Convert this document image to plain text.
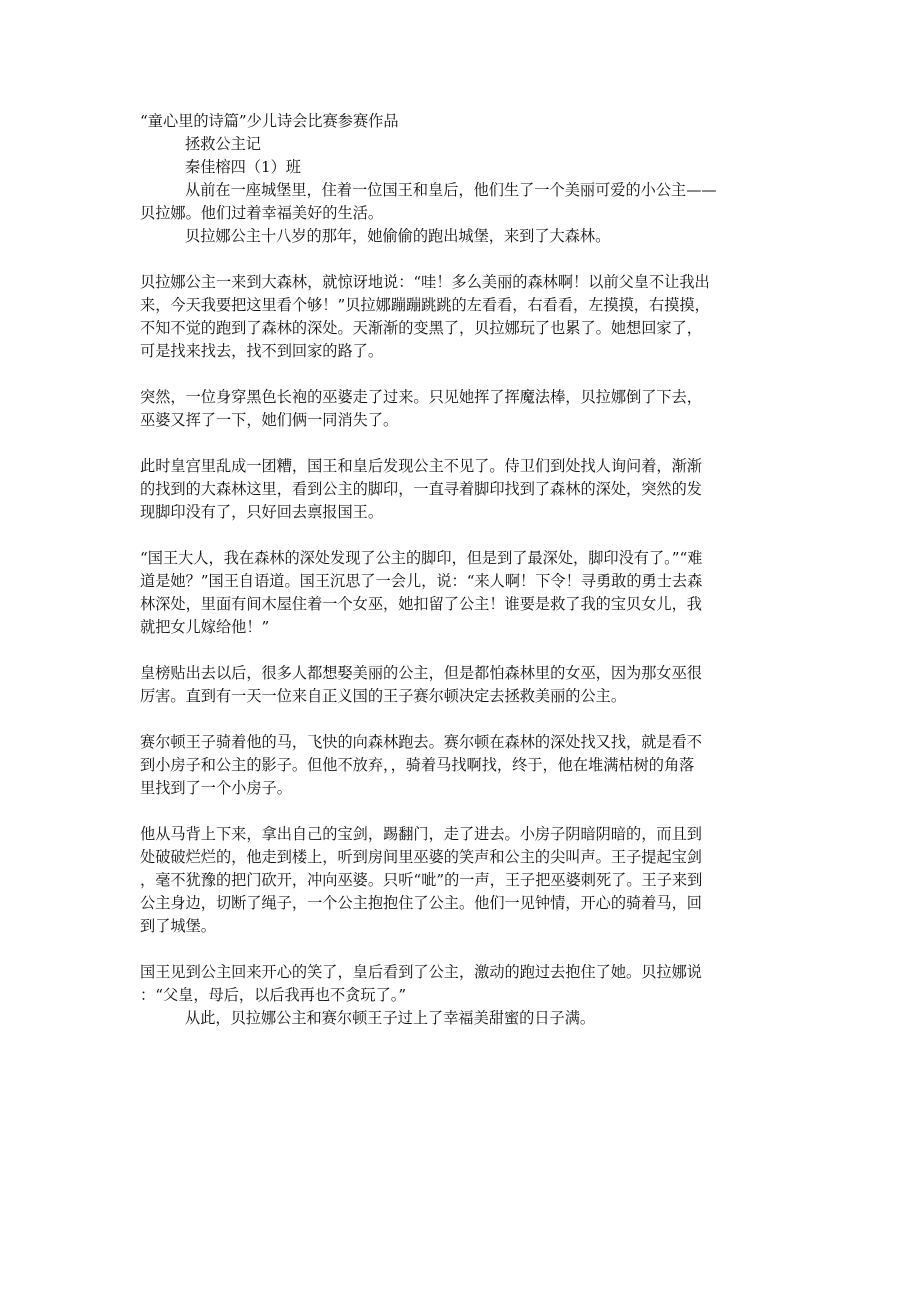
“童心里的诗篇”少儿诗会比赛参赛作品

拯救公主记

秦佳榕四（1）班

从前在一座城堡里，住着一位国王和皇后，他们生了一个美丽可爱的小公主——

贝拉娜。他们过着幸福美好的生活。

贝拉娜公主十八岁的那年，她偷偷的跑出城堡，来到了大森林。

贝拉娜公主一来到大森林，就惊讶地说：“哇！多么美丽的森林啊！以前父皇不让我出

来，今天我要把这里看个够！”贝拉娜蹦蹦跳跳的左看看，右看看，左摸摸，右摸摸，

不知不觉的跑到了森林的深处。天渐渐的变黑了，贝拉娜玩了也累了。她想回家了，

可是找来找去，找不到回家的路了。

突然，一位身穿黑色长袍的巫婆走了过来。只见她挥了挥魔法棒，贝拉娜倒了下去，

巫婆又挥了一下，她们俩一同消失了。

此时皇宫里乱成一团糟，国王和皇后发现公主不见了。侍卫们到处找人询问着，渐渐

的找到的大森林这里，看到公主的脚印，一直寻着脚印找到了森林的深处，突然的发

现脚印没有了，只好回去禀报国王。

“国王大人，我在森林的深处发现了公主的脚印，但是到了最深处，脚印没有了。”“难

道是她？”国王自语道。国王沉思了一会儿，说：“来人啊！下令！寻勇敢的勇士去森

林深处，里面有间木屋住着一个女巫，她扣留了公主！谁要是救了我的宝贝女儿，我

就把女儿嫁给他！”

皇榜贴出去以后，很多人都想娶美丽的公主，但是都怕森林里的女巫，因为那女巫很

厉害。直到有一天一位来自正义国的王子赛尔顿决定去拯救美丽的公主。

赛尔顿王子骑着他的马，飞快的向森林跑去。赛尔顿在森林的深处找又找，就是看不

到小房子和公主的影子。但他不放弃，，骑着马找啊找，终于，他在堆满枯树的角落

里找到了一个小房子。

他从马背上下来，拿出自己的宝剑，踢翻门，走了进去。小房子阴暗阴暗的，而且到

处破破烂烂的，他走到楼上，听到房间里巫婆的笑声和公主的尖叫声。王子提起宝剑

，毫不犹豫的把门砍开，冲向巫婆。只听“呲”的一声，王子把巫婆刺死了。王子来到

公主身边，切断了绳子，一个公主抱抱住了公主。他们一见钟情，开心的骑着马，回

到了城堡。

国王见到公主回来开心的笑了，皇后看到了公主，激动的跑过去抱住了她。贝拉娜说

：“父皇，母后，以后我再也不贪玩了。”

从此，贝拉娜公主和赛尔顿王子过上了幸福美甜蜜的日子满。
